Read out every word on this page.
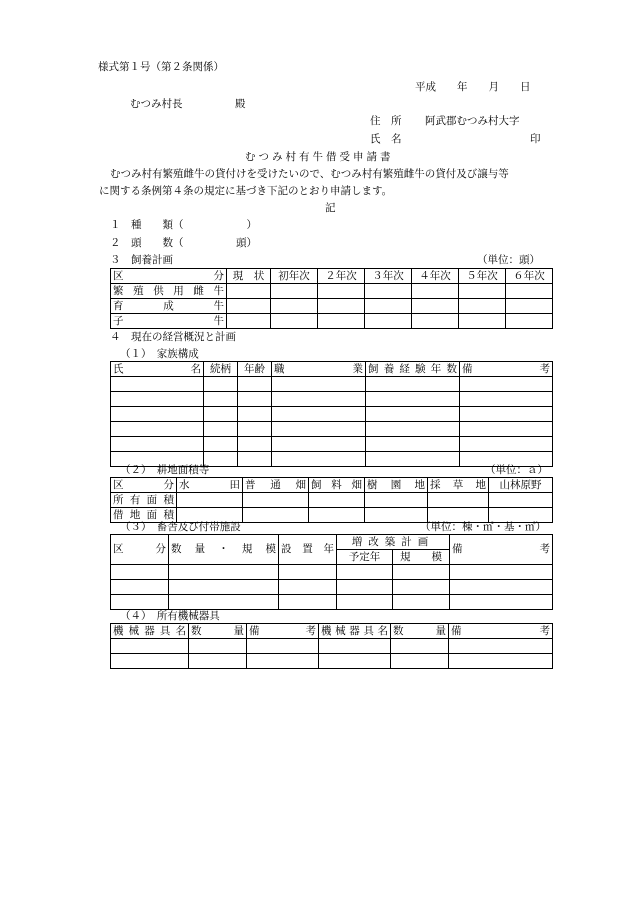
様式第１号（第２条関係）
平成　　年　　月　　日
むつみ村長　　　　　殿
住　所 阿武郡むつみ村大字
氏　名	印
むつみ村有牛借受申請書
むつみ村有繁殖雌牛の貸付けを受けたいので、むつみ村有繁殖雌牛の貸付及び譲与等
に関する条例第４条の規定に基づき下記のとおり申請します。
記
１　種　　類（　　　　　　）
２　頭　　数（　　　　　頭）
３　飼養計画	（単位：頭）
区　　　　分	現　状	初年次	２年次	３年次	４年次	５年次	６年次
繁殖供用雌牛							
育　　成　　牛							
子　　　　　牛							
４　現在の経営概況と計画
（１）　家族構成
氏　　　　　名	続柄	年齢	職　　　　　業	飼養経験年数	備　　　　考

（２）　耕地面積等	（単位：ａ）
区　　　分	水　　　田	普　通　畑	飼料畑	樹園地	採草地	山林原野
所有面積						
借地面積						
（３）　畜舎及び付帯施設	（単位：棟・㎡・基・㎥）
区　　分	数量・規模	設置年	増改築計画		備　　　　考
			予定年	規　　模	

（４）　所有機械器具
機械器具名	数　　量	備　　　考	機械器具名	数　　量	備　　　　考
